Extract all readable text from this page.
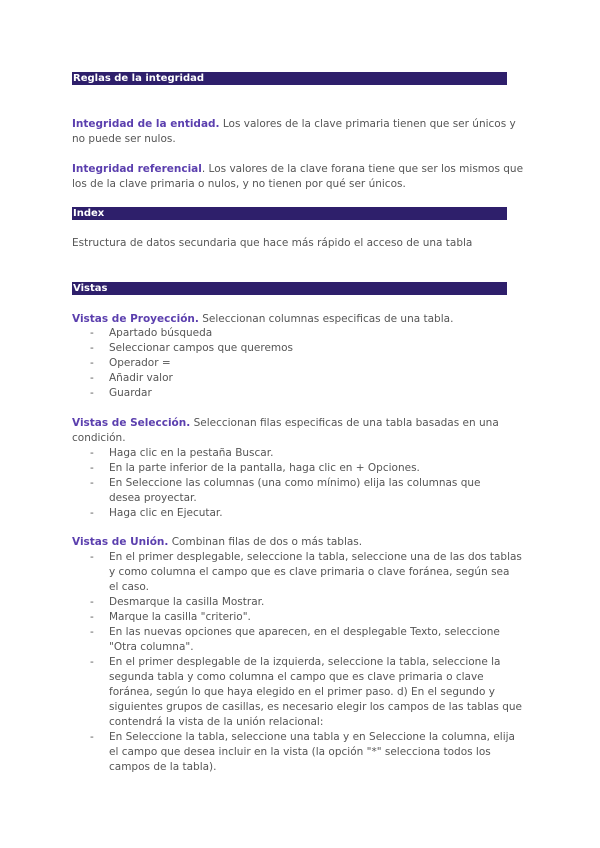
Reglas de la integridad
Integridad de la entidad. Los valores de la clave primaria tienen que ser únicos y no puede ser nulos.
Integridad referencial. Los valores de la clave forana tiene que ser los mismos que los de la clave primaria o nulos, y no tienen por qué ser únicos.
Index
Estructura de datos secundaria que hace más rápido el acceso de una tabla
Vistas
Vistas de Proyección. Seleccionan columnas especificas de una tabla.
- Apartado búsqueda
- Seleccionar campos que queremos
- Operador =
- Añadir valor
- Guardar
Vistas de Selección. Seleccionan filas especificas de una tabla basadas en una condición.
- Haga clic en la pestaña Buscar.
- En la parte inferior de la pantalla, haga clic en + Opciones.
- En Seleccione las columnas (una como mínimo) elija las columnas que desea proyectar.
- Haga clic en Ejecutar.
Vistas de Unión. Combinan filas de dos o más tablas.
- En el primer desplegable, seleccione la tabla, seleccione una de las dos tablas y como columna el campo que es clave primaria o clave foránea, según sea el caso.
- Desmarque la casilla Mostrar.
- Marque la casilla "criterio".
- En las nuevas opciones que aparecen, en el desplegable Texto, seleccione "Otra columna".
- En el primer desplegable de la izquierda, seleccione la tabla, seleccione la segunda tabla y como columna el campo que es clave primaria o clave foránea, según lo que haya elegido en el primer paso. d) En el segundo y siguientes grupos de casillas, es necesario elegir los campos de las tablas que contendrá la vista de la unión relacional:
- En Seleccione la tabla, seleccione una tabla y en Seleccione la columna, elija el campo que desea incluir en la vista (la opción "*" selecciona todos los campos de la tabla).
